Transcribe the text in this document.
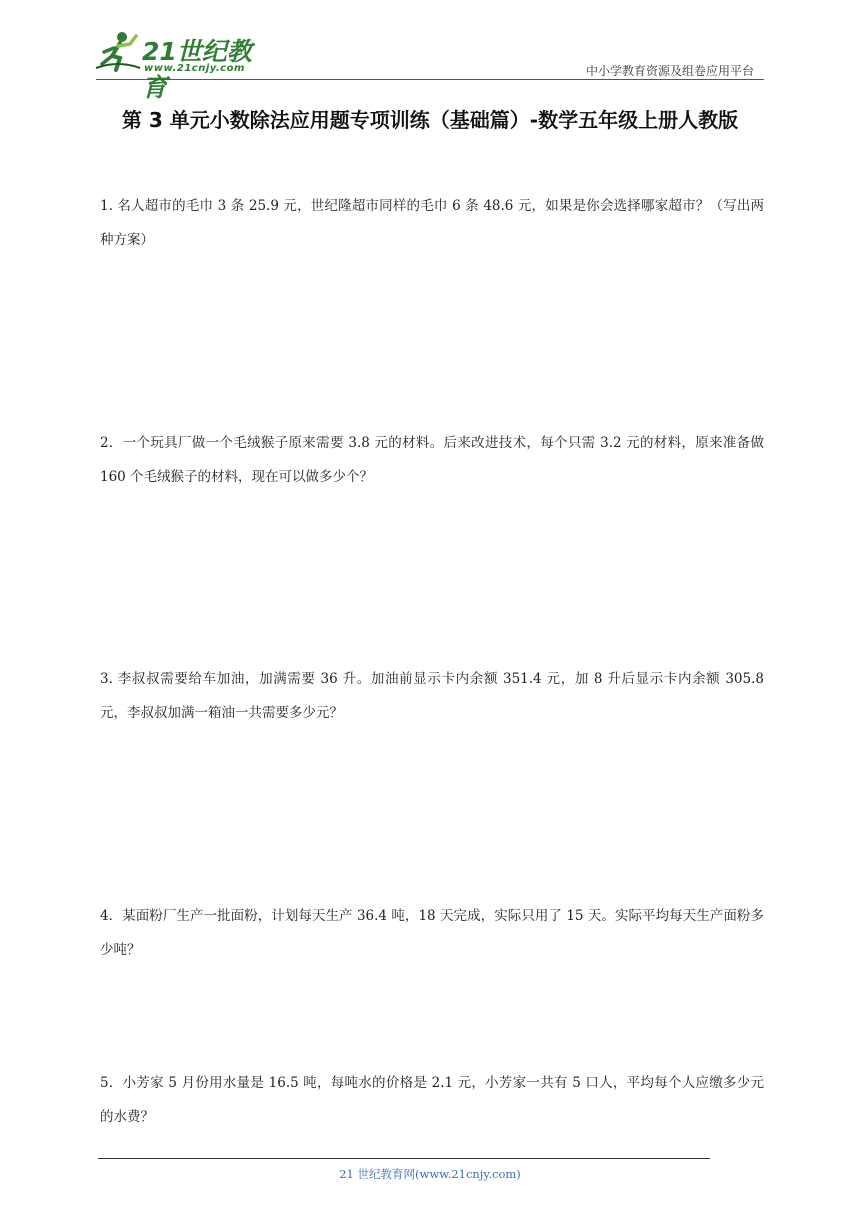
21世纪教育
www.21cnjy.com	中小学教育资源及组卷应用平台
第 3 单元小数除法应用题专项训练（基础篇）-数学五年级上册人教版
1. 名人超市的毛巾 3 条 25.9 元，世纪隆超市同样的毛巾 6 条 48.6 元，如果是你会选择哪家超市？（写出两种方案）
2．一个玩具厂做一个毛绒猴子原来需要 3.8 元的材料。后来改进技术，每个只需 3.2 元的材料，原来准备做 160 个毛绒猴子的材料，现在可以做多少个？
3. 李叔叔需要给车加油，加满需要 36 升。加油前显示卡内余额 351.4 元，加 8 升后显示卡内余额 305.8 元，李叔叔加满一箱油一共需要多少元？
4．某面粉厂生产一批面粉，计划每天生产 36.4 吨，18 天完成，实际只用了 15 天。实际平均每天生产面粉多少吨？
5．小芳家 5 月份用水量是 16.5 吨，每吨水的价格是 2.1 元，小芳家一共有 5 口人，平均每个人应缴多少元的水费？
21 世纪教育网(www.21cnjy.com)
